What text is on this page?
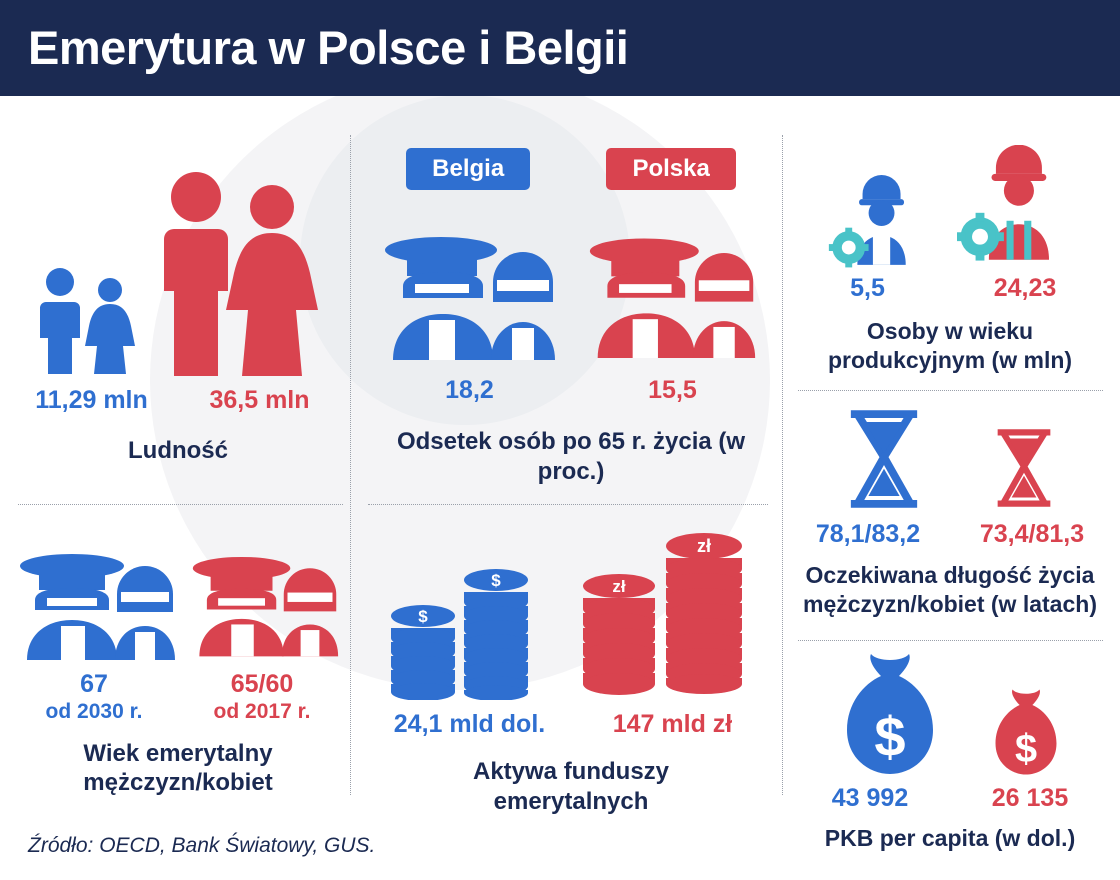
Emerytura w Polsce i Belgii
11,29 mln	36,5 mln
Ludność
67
od 2030 r.
65/60
od 2017 r.
Wiek emerytalny mężczyzn/kobiet
Belgia	Polska
18,2	15,5
Odsetek osób po 65 r. życia (w proc.)
$
$	zł
zł
24,1 mld dol.	147 mld zł
Aktywa funduszy emerytalnych
5,5	24,23
Osoby w wieku produkcyjnym (w mln)
78,1/83,2	73,4/81,3
Oczekiwana długość życia mężczyzn/kobiet (w latach)
$ $
43 992	26 135
PKB per capita (w dol.)
Źródło: OECD, Bank Światowy, GUS.
